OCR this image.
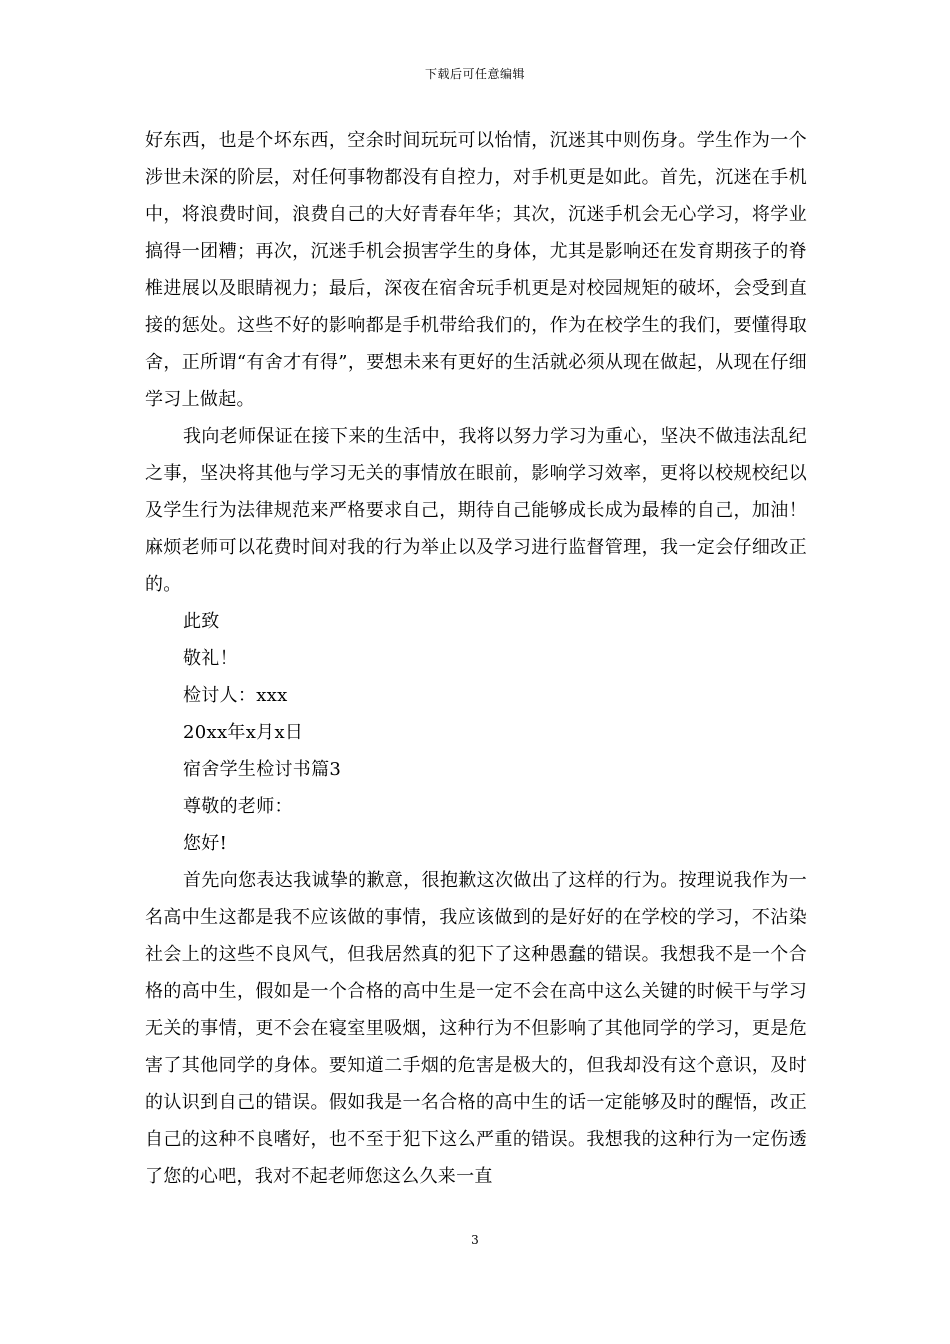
下载后可任意编辑

好东西，也是个坏东西，空余时间玩玩可以怡情，沉迷其中则伤身。学生作为一个涉世未深的阶层，对任何事物都没有自控力，对手机更是如此。首先，沉迷在手机中，将浪费时间，浪费自己的大好青春年华；其次，沉迷手机会无心学习，将学业搞得一团糟；再次，沉迷手机会损害学生的身体，尤其是影响还在发育期孩子的脊椎进展以及眼睛视力；最后，深夜在宿舍玩手机更是对校园规矩的破坏，会受到直接的惩处。这些不好的影响都是手机带给我们的，作为在校学生的我们，要懂得取舍，正所谓“有舍才有得”，要想未来有更好的生活就必须从现在做起，从现在仔细学习上做起。

我向老师保证在接下来的生活中，我将以努力学习为重心，坚决不做违法乱纪之事，坚决将其他与学习无关的事情放在眼前，影响学习效率，更将以校规校纪以及学生行为法律规范来严格要求自己，期待自己能够成长成为最棒的自己，加油！麻烦老师可以花费时间对我的行为举止以及学习进行监督管理，我一定会仔细改正的。

此致

敬礼！

检讨人：xxx

20xx年x月x日

宿舍学生检讨书篇3

尊敬的老师：

您好!

首先向您表达我诚挚的歉意，很抱歉这次做出了这样的行为。按理说我作为一名高中生这都是我不应该做的事情，我应该做到的是好好的在学校的学习，不沾染社会上的这些不良风气，但我居然真的犯下了这种愚蠢的错误。我想我不是一个合格的高中生，假如是一个合格的高中生是一定不会在高中这么关键的时候干与学习无关的事情，更不会在寝室里吸烟，这种行为不但影响了其他同学的学习，更是危害了其他同学的身体。要知道二手烟的危害是极大的，但我却没有这个意识，及时的认识到自己的错误。假如我是一名合格的高中生的话一定能够及时的醒悟，改正自己的这种不良嗜好，也不至于犯下这么严重的错误。我想我的这种行为一定伤透了您的心吧，我对不起老师您这么久来一直

3
